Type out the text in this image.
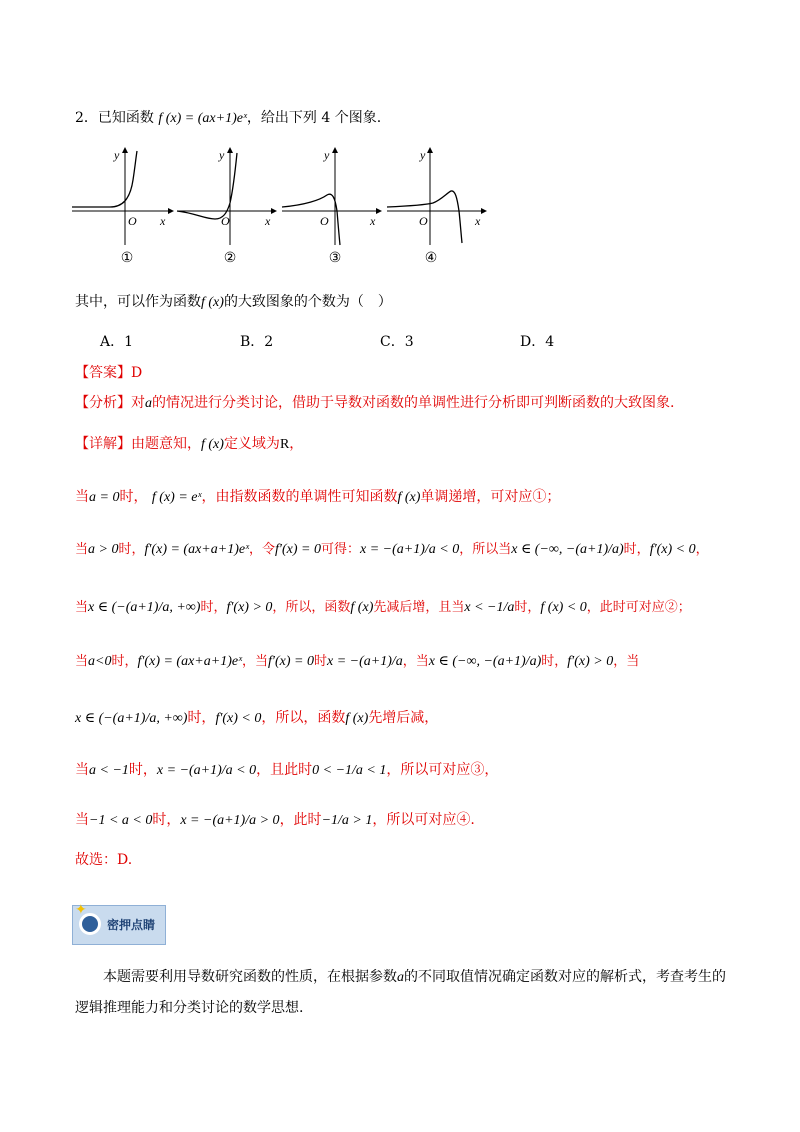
2．已知函数 f (x) = (ax+1)eˣ，给出下列 4 个图象.
y
O x
y
O	x
y
O	x
y
O	x
①	②	③	④
其中，可以作为函数f (x)的大致图象的个数为（　）
A．1	B．2	C．3	D．4
【答案】D
【分析】对a的情况进行分类讨论，借助于导数对函数的单调性进行分析即可判断函数的大致图象.
【详解】由题意知，f (x)定义域为R，
当a = 0时， f (x) = eˣ，由指数函数的单调性可知函数f (x)单调递增，可对应①；
当a > 0时，f′(x) = (ax+a+1)eˣ，令f′(x) = 0可得：x = −(a+1)/a < 0，所以当x ∈ (−∞, −(a+1)/a)时，f′(x) < 0，
当x ∈ (−(a+1)/a, +∞)时，f′(x) > 0，所以，函数f (x)先减后增，且当x < −1/a时，f (x) < 0，此时可对应②；
当a<0时，f′(x) = (ax+a+1)eˣ，当f′(x) = 0时x = −(a+1)/a，当x ∈ (−∞, −(a+1)/a)时，f′(x) > 0，当
x ∈ (−(a+1)/a, +∞)时，f′(x) < 0，所以，函数f (x)先增后减，
当a < −1时，x = −(a+1)/a < 0，且此时0 < −1/a < 1，所以可对应③，
当−1 < a < 0时，x = −(a+1)/a > 0，此时−1/a > 1，所以可对应④.
故选：D.
✦
密押点睛
本题需要利用导数研究函数的性质，在根据参数a的不同取值情况确定函数对应的解析式，考查考生的逻辑推理能力和分类讨论的数学思想.
